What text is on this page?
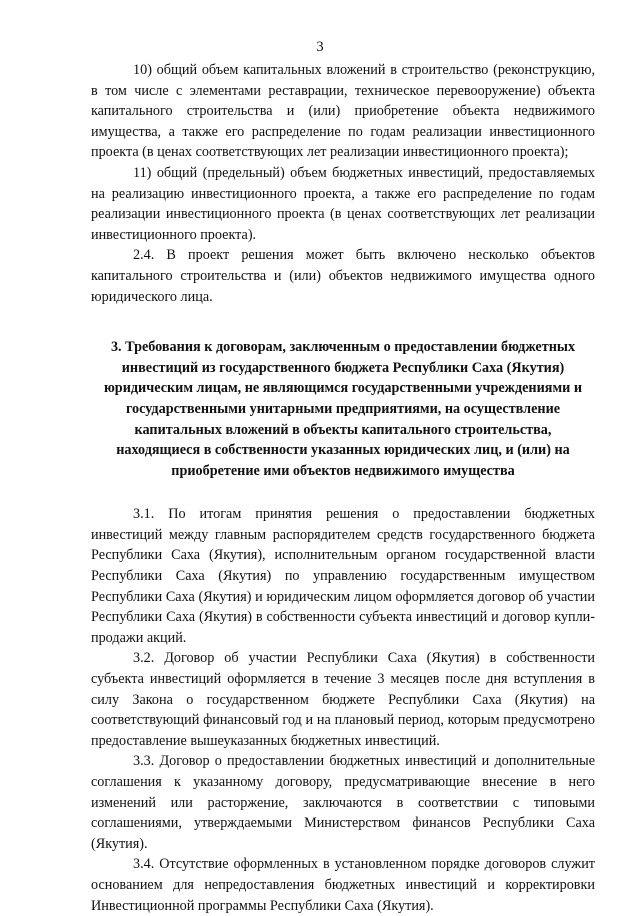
3

10) общий объем капитальных вложений в строительство (реконструкцию, в том числе с элементами реставрации, техническое перевооружение) объекта капитального строительства и (или) приобретение объекта недвижимого имущества, а также его распределение по годам реализации инвестиционного проекта (в ценах соответствующих лет реализации инвестиционного проекта);

11) общий (предельный) объем бюджетных инвестиций, предоставляемых на реализацию инвестиционного проекта, а также его распределение по годам реализации инвестиционного проекта (в ценах соответствующих лет реализации инвестиционного проекта).

2.4. В проект решения может быть включено несколько объектов капитального строительства и (или) объектов недвижимого имущества одного юридического лица.

3. Требования к договорам, заключенным о предоставлении бюджетных инвестиций из государственного бюджета Республики Саха (Якутия) юридическим лицам, не являющимся государственными учреждениями и государственными унитарными предприятиями, на осуществление капитальных вложений в объекты капитального строительства, находящиеся в собственности указанных юридических лиц, и (или) на приобретение ими объектов недвижимого имущества

3.1. По итогам принятия решения о предоставлении бюджетных инвестиций между главным распорядителем средств государственного бюджета Республики Саха (Якутия), исполнительным органом государственной власти Республики Саха (Якутия) по управлению государственным имуществом Республики Саха (Якутия) и юридическим лицом оформляется договор об участии Республики Саха (Якутия) в собственности субъекта инвестиций и договор купли-продажи акций.

3.2. Договор об участии Республики Саха (Якутия) в собственности субъекта инвестиций оформляется в течение 3 месяцев после дня вступления в силу Закона о государственном бюджете Республики Саха (Якутия) на соответствующий финансовый год и на плановый период, которым предусмотрено предоставление вышеуказанных бюджетных инвестиций.

3.3. Договор о предоставлении бюджетных инвестиций и дополнительные соглашения к указанному договору, предусматривающие внесение в него изменений или расторжение, заключаются в соответствии с типовыми соглашениями, утверждаемыми Министерством финансов Республики Саха (Якутия).

3.4. Отсутствие оформленных в установленном порядке договоров служит основанием для непредоставления бюджетных инвестиций и корректировки Инвестиционной программы Республики Саха (Якутия).
